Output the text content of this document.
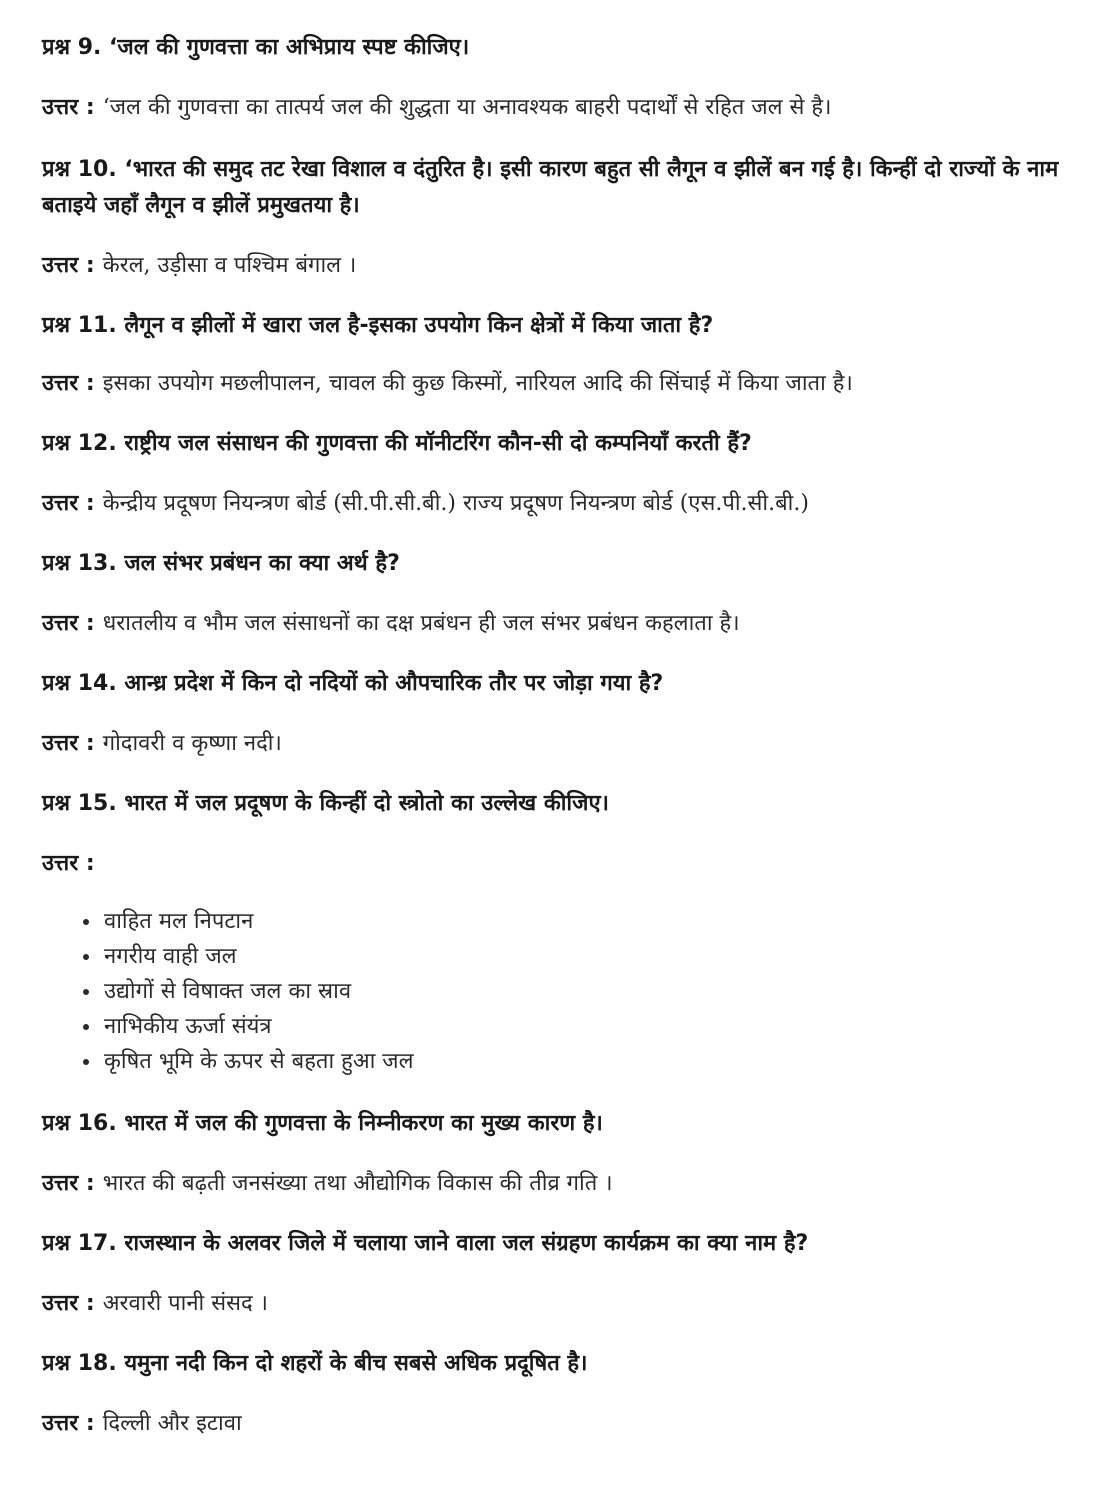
प्रश्न 9. ‘जल की गुणवत्ता का अभिप्राय स्पष्ट कीजिए।
उत्तर : ‘जल की गुणवत्ता का तात्पर्य जल की शुद्धता या अनावश्यक बाहरी पदार्थों से रहित जल से है।
प्रश्न 10. ‘भारत की समुद तट रेखा विशाल व दंतुरित है। इसी कारण बहुत सी लैगून व झीलें बन गई है। किन्हीं दो राज्यों के नाम बताइये जहाँ लैगून व झीलें प्रमुखतया है।
उत्तर : केरल, उड़ीसा व पश्चिम बंगाल ।
प्रश्न 11. लैगून व झीलों में खारा जल है-इसका उपयोग किन क्षेत्रों में किया जाता है?
उत्तर : इसका उपयोग मछलीपालन, चावल की कुछ किस्मों, नारियल आदि की सिंचाई में किया जाता है।
प्रश्न 12. राष्ट्रीय जल संसाधन की गुणवत्ता की मॉनीटरिंग कौन-सी दो कम्पनियाँ करती हैं?
उत्तर : केन्द्रीय प्रदूषण नियन्त्रण बोर्ड (सी.पी.सी.बी.) राज्य प्रदूषण नियन्त्रण बोर्ड (एस.पी.सी.बी.)
प्रश्न 13. जल संभर प्रबंधन का क्या अर्थ है?
उत्तर : धरातलीय व भौम जल संसाधनों का दक्ष प्रबंधन ही जल संभर प्रबंधन कहलाता है।
प्रश्न 14. आन्ध्र प्रदेश में किन दो नदियों को औपचारिक तौर पर जोड़ा गया है?
उत्तर : गोदावरी व कृष्णा नदी।
प्रश्न 15. भारत में जल प्रदूषण के किन्हीं दो स्त्रोतो का उल्लेख कीजिए।
उत्तर :
• वाहित मल निपटान
• नगरीय वाही जल
• उद्योगों से विषाक्त जल का स्राव
• नाभिकीय ऊर्जा संयंत्र
• कृषित भूमि के ऊपर से बहता हुआ जल
प्रश्न 16. भारत में जल की गुणवत्ता के निम्नीकरण का मुख्य कारण है।
उत्तर : भारत की बढ़ती जनसंख्या तथा औद्योगिक विकास की तीव्र गति ।
प्रश्न 17. राजस्थान के अलवर जिले में चलाया जाने वाला जल संग्रहण कार्यक्रम का क्या नाम है?
उत्तर : अरवारी पानी संसद ।
प्रश्न 18. यमुना नदी किन दो शहरों के बीच सबसे अधिक प्रदूषित है।
उत्तर : दिल्ली और इटावा
